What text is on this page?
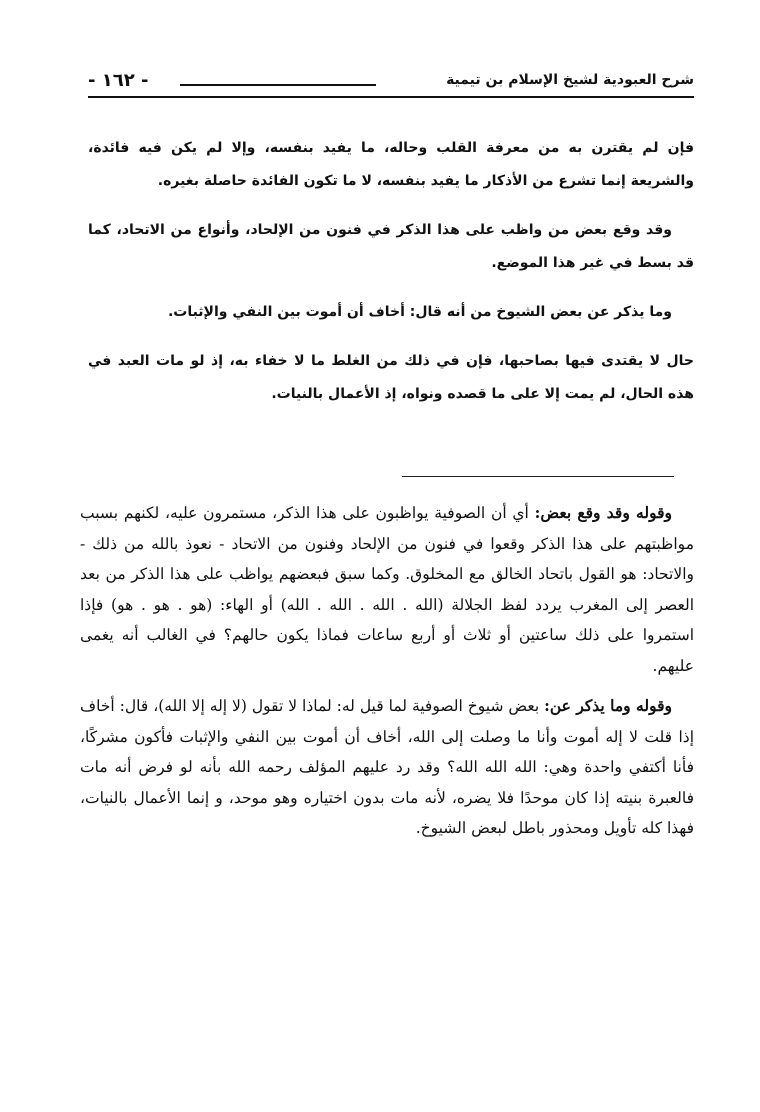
شرح العبودية لشيخ الإسلام بن تيمية
- ١٦٢ -

فإن لم يقترن به من معرفة القلب وحاله، ما يفيد بنفسه، وإلا لم يكن فيه فائدة، والشريعة إنما تشرع من الأذكار ما يفيد بنفسه، لا ما تكون الفائدة حاصلة بغيره.

وقد وقع بعض من واظب على هذا الذكر في فنون من الإلحاد، وأنواع من الاتحاد، كما قد بسط في غير هذا الموضع.

وما يذكر عن بعض الشيوخ من أنه قال: أخاف أن أموت بين النفي والإثبات.

حال لا يقتدى فيها بصاحبها، فإن في ذلك من الغلط ما لا خفاء به، إذ لو مات العبد في هذه الحال، لم يمت إلا على ما قصده ونواه، إذ الأعمال بالنيات.

وقوله وقد وقع بعض: أي أن الصوفية يواظبون على هذا الذكر، مستمرون عليه، لكنهم بسبب مواظبتهم على هذا الذكر وقعوا في فنون من الإلحاد وفنون من الاتحاد - نعوذ بالله من ذلك - والاتحاد: هو القول باتحاد الخالق مع المخلوق. وكما سبق فبعضهم يواظب على هذا الذكر من بعد العصر إلى المغرب يردد لفظ الجلالة (الله . الله . الله . الله) أو الهاء: (هو . هو . هو) فإذا استمروا على ذلك ساعتين أو ثلاث أو أربع ساعات فماذا يكون حالهم؟ في الغالب أنه يغمى عليهم.

وقوله وما يذكر عن: بعض شيوخ الصوفية لما قيل له: لماذا لا تقول (لا إله إلا الله)، قال: أخاف إذا قلت لا إله أموت وأنا ما وصلت إلى الله، أخاف أن أموت بين النفي والإثبات فأكون مشركًا، فأنا أكتفي واحدة وهي: الله الله الله؟ وقد رد عليهم المؤلف رحمه الله بأنه لو فرض أنه مات فالعبرة بنيته إذا كان موحدًا فلا يضره، لأنه مات بدون اختياره وهو موحد، و إنما الأعمال بالنيات، فهذا كله تأويل ومحذور باطل لبعض الشيوخ.
